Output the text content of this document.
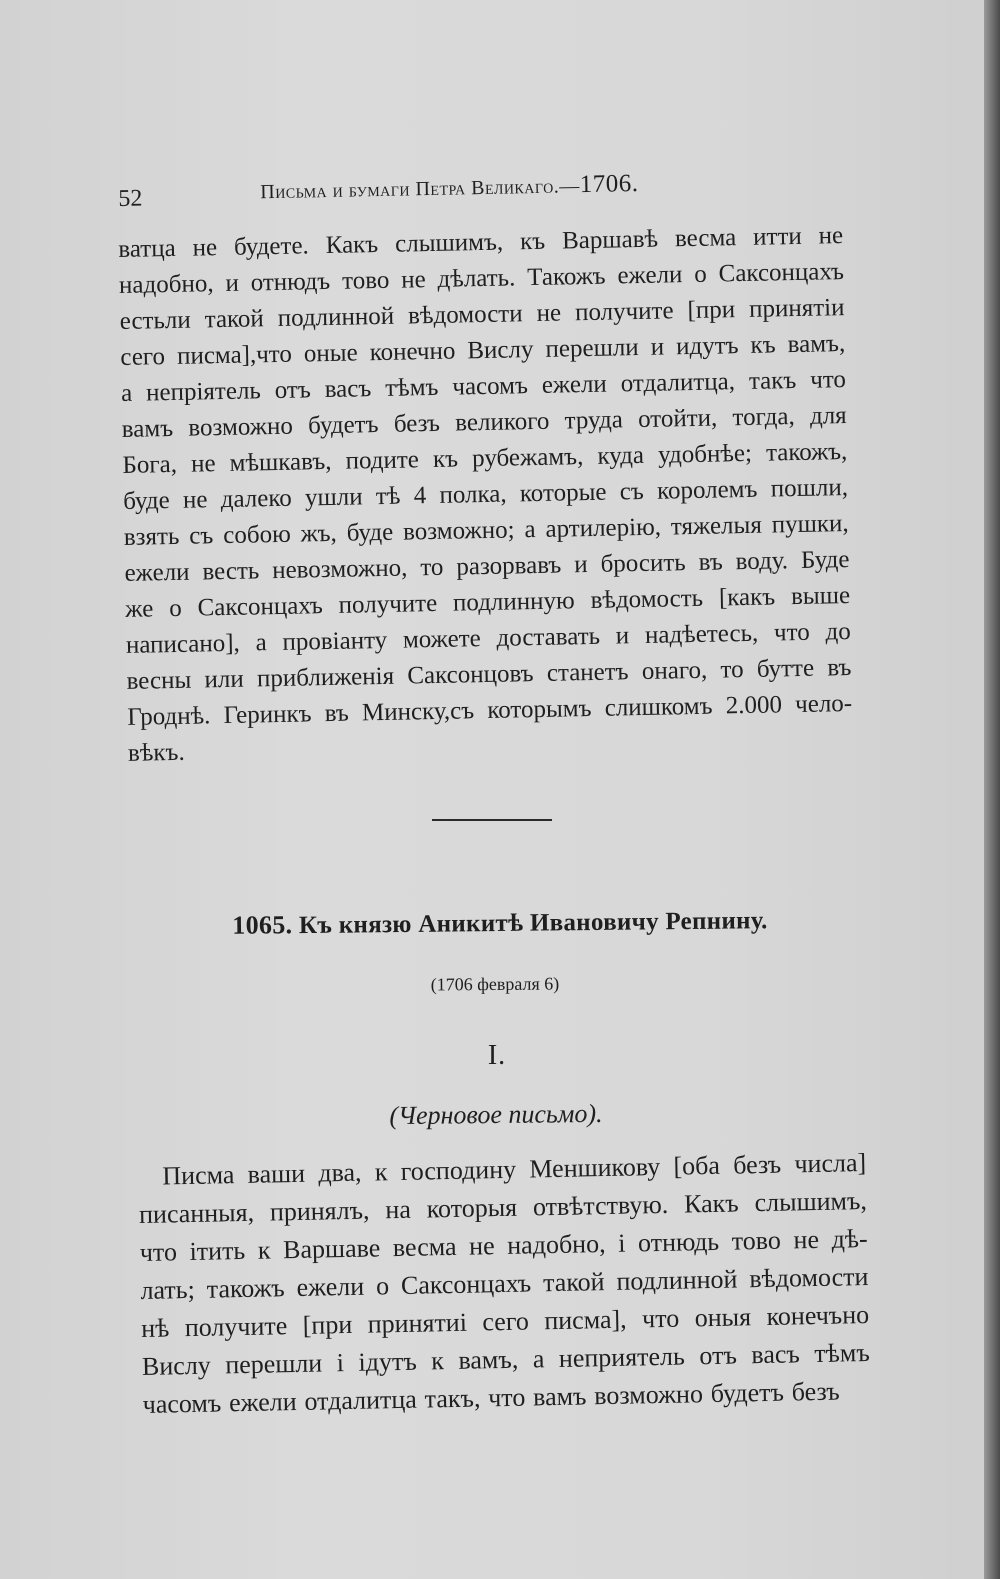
52	Письма и бумаги Петра Великаго.—1706.
ватца не будете. Какъ слышимъ, къ Варшавѣ весма итти не
надобно, и отнюдъ тово не дѣлать. Такожъ ежели о Саксонцахъ
естьли такой подлинной вѣдомости не получите [при принятіи
сего писма],что оные конечно Вислу перешли и идутъ къ вамъ,
а непріятель отъ васъ тѣмъ часомъ ежели отдалитца, такъ что
вамъ возможно будетъ безъ великого труда отойти, тогда, для
Бога, не мѣшкавъ, подите къ рубежамъ, куда удобнѣе; такожъ,
буде не далеко ушли тѣ 4 полка, которые съ королемъ пошли,
взять съ собою жъ, буде возможно; а артилерію, тяжелыя пушки,
ежели весть невозможно, то разорвавъ и бросить въ воду. Буде
же о Саксонцахъ получите подлинную вѣдомость [какъ выше
написано], а провіанту можете доставать и надѣетесь, что до
весны или приближенія Саксонцовъ станетъ онаго, то бутте въ
Гроднѣ. Геринкъ въ Минску,съ которымъ слишкомъ 2.000 чело-
вѣкъ.
1065. Къ князю Аникитѣ Ивановичу Репнину.
(1706 февраля 6)
I.
(Черновое письмо).
Писма ваши два, к господину Меншикову [оба безъ числа]
писанныя, принялъ, на которыя отвѣтствую. Какъ слышимъ,
что ітить к Варшаве весма не надобно, і отнюдь тово не дѣ-
лать; такожъ ежели о Саксонцахъ такой подлинной вѣдомости
нѣ получите [при принятиі сего писма], что оныя конечъно
Вислу перешли і ідутъ к вамъ, а неприятель отъ васъ тѣмъ
часомъ ежели отдалитца такъ, что вамъ возможно будетъ безъ
